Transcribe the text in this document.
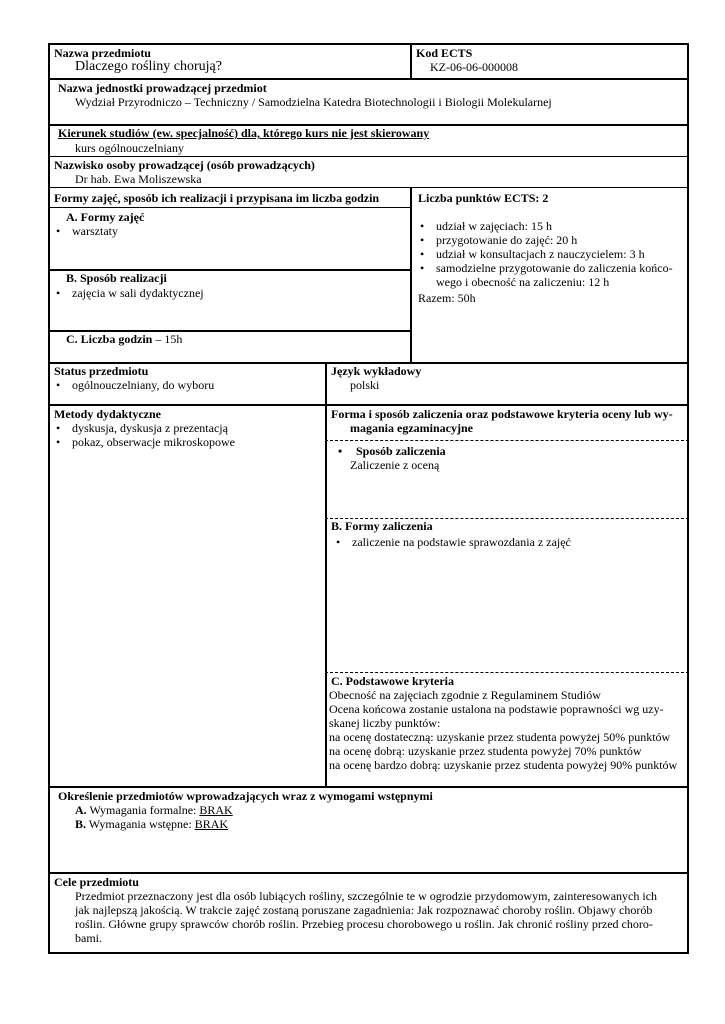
Nazwa przedmiotu
Dlaczego rośliny chorują?
Kod ECTS
KZ-06-06-000008
Nazwa jednostki prowadzącej przedmiot
Wydział Przyrodniczo – Techniczny / Samodzielna Katedra Biotechnologii i Biologii Molekularnej
Kierunek studiów (ew. specjalność) dla, którego kurs nie jest skierowany
kurs ogólnouczelniany
Nazwisko osoby prowadzącej (osób prowadzących)
Dr hab. Ewa Moliszewska
Formy zajęć, sposób ich realizacji i przypisana im liczba godzin
A. Formy zajęć
• warsztaty
B. Sposób realizacji
• zajęcia w sali dydaktycznej
C. Liczba godzin – 15h
Liczba punktów ECTS: 2
• udział w zajęciach: 15 h
• przygotowanie do zajęć: 20 h
• udział w konsultacjach z nauczycielem: 3 h
• samodzielne przygotowanie do zaliczenia końco-
wego i obecność na zaliczeniu: 12 h
Razem: 50h
Status przedmiotu
• ogólnouczelniany, do wyboru
Język wykładowy
polski
Metody dydaktyczne
• dyskusja, dyskusja z prezentacją
• pokaz, obserwacje mikroskopowe
Forma i sposób zaliczenia oraz podstawowe kryteria oceny lub wy-
magania egzaminacyjne
• Sposób zaliczenia
Zaliczenie z oceną
B. Formy zaliczenia
• zaliczenie na podstawie sprawozdania z zajęć
C. Podstawowe kryteria
Obecność na zajęciach zgodnie z Regulaminem Studiów
Ocena końcowa zostanie ustalona na podstawie poprawności wg uzy-
skanej liczby punktów:
na ocenę dostateczną: uzyskanie przez studenta powyżej 50% punktów
na ocenę dobrą: uzyskanie przez studenta powyżej 70% punktów
na ocenę bardzo dobrą: uzyskanie przez studenta powyżej 90% punktów
Określenie przedmiotów wprowadzających wraz z wymogami wstępnymi
A. Wymagania formalne: BRAK
B. Wymagania wstępne: BRAK
Cele przedmiotu
Przedmiot przeznaczony jest dla osób lubiących rośliny, szczególnie te w ogrodzie przydomowym, zainteresowanych ich
jak najlepszą jakością. W trakcie zajęć zostaną poruszane zagadnienia: Jak rozpoznawać choroby roślin. Objawy chorób
roślin. Główne grupy sprawców chorób roślin. Przebieg procesu chorobowego u roślin. Jak chronić rośliny przed choro-
bami.
